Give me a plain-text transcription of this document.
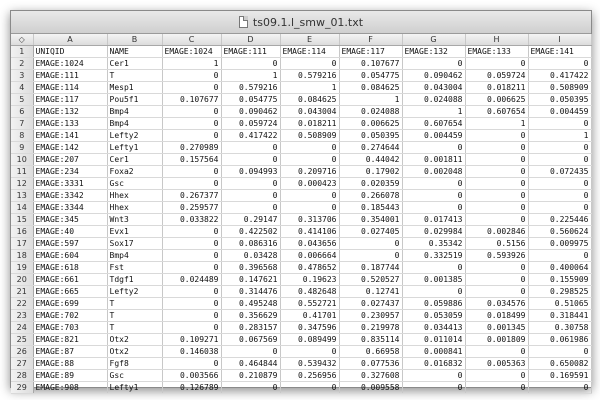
ts09.1.l_smw_01.txt
◇	A	B	C	D	E	F	G	H	I
1	UNIQID	NAME	EMAGE:1024	EMAGE:111	EMAGE:114	EMAGE:117	EMAGE:132	EMAGE:133	EMAGE:141
2	EMAGE:1024	Cer1	1	0	0	0.107677	0	0	0
3	EMAGE:111	T	0	1	0.579216	0.054775	0.090462	0.059724	0.417422
4	EMAGE:114	Mesp1	0	0.579216	1	0.084625	0.043004	0.018211	0.508909
5	EMAGE:117	Pou5f1	0.107677	0.054775	0.084625	1	0.024088	0.006625	0.050395
6	EMAGE:132	Bmp4	0	0.090462	0.043004	0.024088	1	0.607654	0.004459
7	EMAGE:133	Bmp4	0	0.059724	0.018211	0.006625	0.607654	1	0
8	EMAGE:141	Lefty2	0	0.417422	0.508909	0.050395	0.004459	0	1
9	EMAGE:142	Lefty1	0.270989	0	0	0.274644	0	0	0
10	EMAGE:207	Cer1	0.157564	0	0	0.44042	0.001811	0	0
11	EMAGE:234	Foxa2	0	0.094993	0.209716	0.17902	0.002048	0	0.072435
12	EMAGE:3331	Gsc	0	0	0.000423	0.020359	0	0	0
13	EMAGE:3342	Hhex	0.267377	0	0	0.266078	0	0	0
14	EMAGE:3344	Hhex	0.259577	0	0	0.185443	0	0	0
15	EMAGE:345	Wnt3	0.033822	0.29147	0.313706	0.354001	0.017413	0	0.225446
16	EMAGE:40	Evx1	0	0.422502	0.414106	0.027405	0.029984	0.002846	0.560624
17	EMAGE:597	Sox17	0	0.086316	0.043656	0	0.35342	0.5156	0.009975
18	EMAGE:604	Bmp4	0	0.03428	0.006664	0	0.332519	0.593926	0
19	EMAGE:618	Fst	0	0.396568	0.478652	0.187744	0	0	0.400064
20	EMAGE:661	Tdgf1	0.024489	0.147621	0.19623	0.520527	0.001385	0	0.155909
21	EMAGE:665	Lefty2	0	0.314476	0.482648	0.12741	0	0	0.298525
22	EMAGE:699	T	0	0.495248	0.552721	0.027437	0.059886	0.034576	0.51065
23	EMAGE:702	T	0	0.356629	0.41701	0.230957	0.053059	0.018499	0.318441
24	EMAGE:703	T	0	0.283157	0.347596	0.219978	0.034413	0.001345	0.30758
25	EMAGE:821	Otx2	0.109271	0.067569	0.089499	0.835114	0.011014	0.001809	0.061986
26	EMAGE:87	Otx2	0.146038	0	0	0.66958	0.000841	0	0
27	EMAGE:88	Fgf8	0	0.464844	0.539432	0.077536	0.016832	0.005363	0.650082
28	EMAGE:89	Gsc	0.003566	0.210879	0.256956	0.327608	0	0	0.169591
29	EMAGE:908	Lefty1	0.126789	0	0	0.009558	0	0	0
